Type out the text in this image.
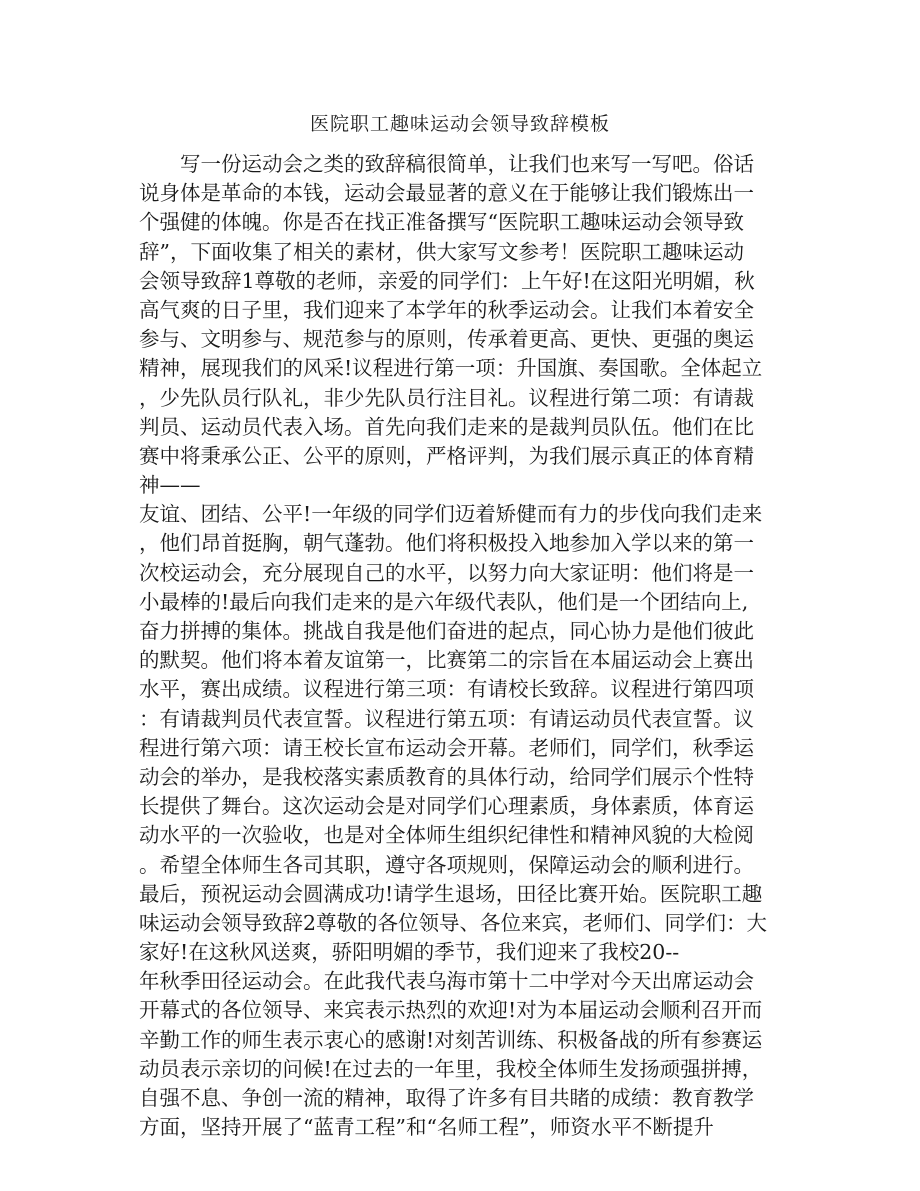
医院职工趣味运动会领导致辞模板
写一份运动会之类的致辞稿很简单，让我们也来写一写吧。俗话
说身体是革命的本钱，运动会最显著的意义在于能够让我们锻炼出一
个强健的体魄。你是否在找正准备撰写“医院职工趣味运动会领导致
辞”，下面收集了相关的素材，供大家写文参考！医院职工趣味运动
会领导致辞1尊敬的老师，亲爱的同学们：上午好!在这阳光明媚，秋
高气爽的日子里，我们迎来了本学年的秋季运动会。让我们本着安全
参与、文明参与、规范参与的原则，传承着更高、更快、更强的奥运
精神，展现我们的风采!议程进行第一项：升国旗、奏国歌。全体起立
，少先队员行队礼，非少先队员行注目礼。议程进行第二项：有请裁
判员、运动员代表入场。首先向我们走来的是裁判员队伍。他们在比
赛中将秉承公正、公平的原则，严格评判，为我们展示真正的体育精
神——
友谊、团结、公平!一年级的同学们迈着矫健而有力的步伐向我们走来
，他们昂首挺胸，朝气蓬勃。他们将积极投入地参加入学以来的第一
次校运动会，充分展现自己的水平，以努力向大家证明：他们将是一
小最棒的!最后向我们走来的是六年级代表队，他们是一个团结向上,
奋力拼搏的集体。挑战自我是他们奋进的起点，同心协力是他们彼此
的默契。他们将本着友谊第一，比赛第二的宗旨在本届运动会上赛出
水平，赛出成绩。议程进行第三项：有请校长致辞。议程进行第四项
：有请裁判员代表宣誓。议程进行第五项：有请运动员代表宣誓。议
程进行第六项：请王校长宣布运动会开幕。老师们，同学们，秋季运
动会的举办，是我校落实素质教育的具体行动，给同学们展示个性特
长提供了舞台。这次运动会是对同学们心理素质，身体素质，体育运
动水平的一次验收，也是对全体师生组织纪律性和精神风貌的大检阅
。希望全体师生各司其职，遵守各项规则，保障运动会的顺利进行。
最后，预祝运动会圆满成功!请学生退场，田径比赛开始。医院职工趣
味运动会领导致辞2尊敬的各位领导、各位来宾，老师们、同学们：大
家好!在这秋风送爽，骄阳明媚的季节，我们迎来了我校20--
年秋季田径运动会。在此我代表乌海市第十二中学对今天出席运动会
开幕式的各位领导、来宾表示热烈的欢迎!对为本届运动会顺利召开而
辛勤工作的师生表示衷心的感谢!对刻苦训练、积极备战的所有参赛运
动员表示亲切的问候!在过去的一年里，我校全体师生发扬顽强拼搏，
自强不息、争创一流的精神，取得了许多有目共睹的成绩：教育教学
方面，坚持开展了“蓝青工程”和“名师工程”，师资水平不断提升
